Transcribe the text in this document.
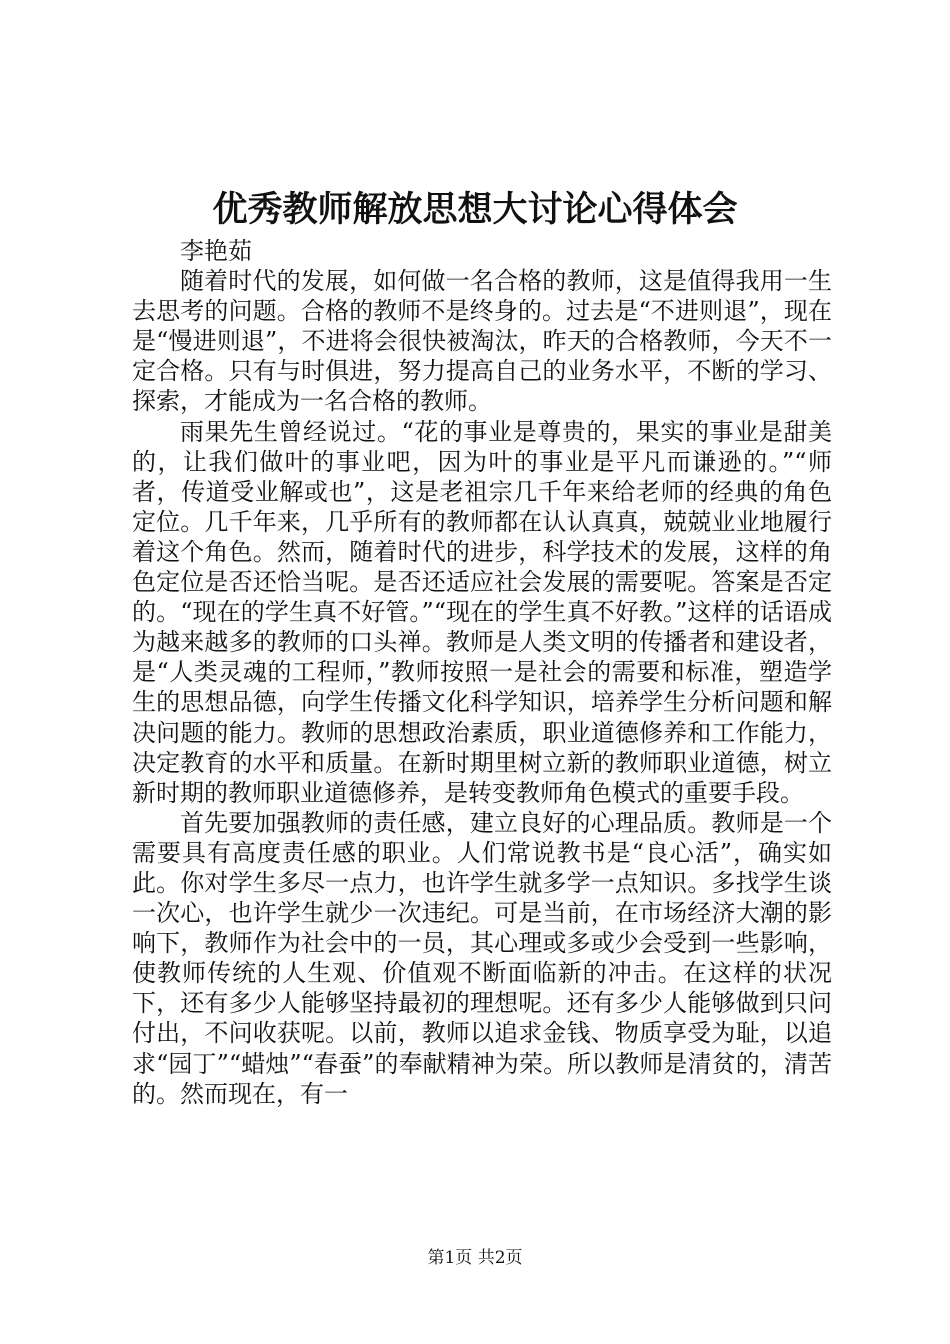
优秀教师解放思想大讨论心得体会

李艳茹

随着时代的发展，如何做一名合格的教师，这是值得我用一生去思考的问题。合格的教师不是终身的。过去是“不进则退”，现在是“慢进则退”，不进将会很快被淘汰，昨天的合格教师，今天不一定合格。只有与时俱进，努力提高自己的业务水平，不断的学习、探索，才能成为一名合格的教师。

雨果先生曾经说过。“花的事业是尊贵的，果实的事业是甜美的，让我们做叶的事业吧，因为叶的事业是平凡而谦逊的。”“师者，传道受业解或也”，这是老祖宗几千年来给老师的经典的角色定位。几千年来，几乎所有的教师都在认认真真，兢兢业业地履行着这个角色。然而，随着时代的进步，科学技术的发展，这样的角色定位是否还恰当呢。是否还适应社会发展的需要呢。答案是否定的。“现在的学生真不好管。”“现在的学生真不好教。”这样的话语成为越来越多的教师的口头禅。教师是人类文明的传播者和建设者，是“人类灵魂的工程师，”教师按照一是社会的需要和标准，塑造学生的思想品德，向学生传播文化科学知识，培养学生分析问题和解决问题的能力。教师的思想政治素质，职业道德修养和工作能力，决定教育的水平和质量。在新时期里树立新的教师职业道德，树立新时期的教师职业道德修养，是转变教师角色模式的重要手段。

首先要加强教师的责任感，建立良好的心理品质。教师是一个需要具有高度责任感的职业。人们常说教书是“良心活”，确实如此。你对学生多尽一点力，也许学生就多学一点知识。多找学生谈一次心，也许学生就少一次违纪。可是当前，在市场经济大潮的影响下，教师作为社会中的一员，其心理或多或少会受到一些影响，使教师传统的人生观、价值观不断面临新的冲击。在这样的状况下，还有多少人能够坚持最初的理想呢。还有多少人能够做到只问付出，不问收获呢。以前，教师以追求金钱、物质享受为耻，以追求“园丁”“蜡烛”“春蚕”的奉献精神为荣。所以教师是清贫的，清苦的。然而现在，有一

第1页 共2页
